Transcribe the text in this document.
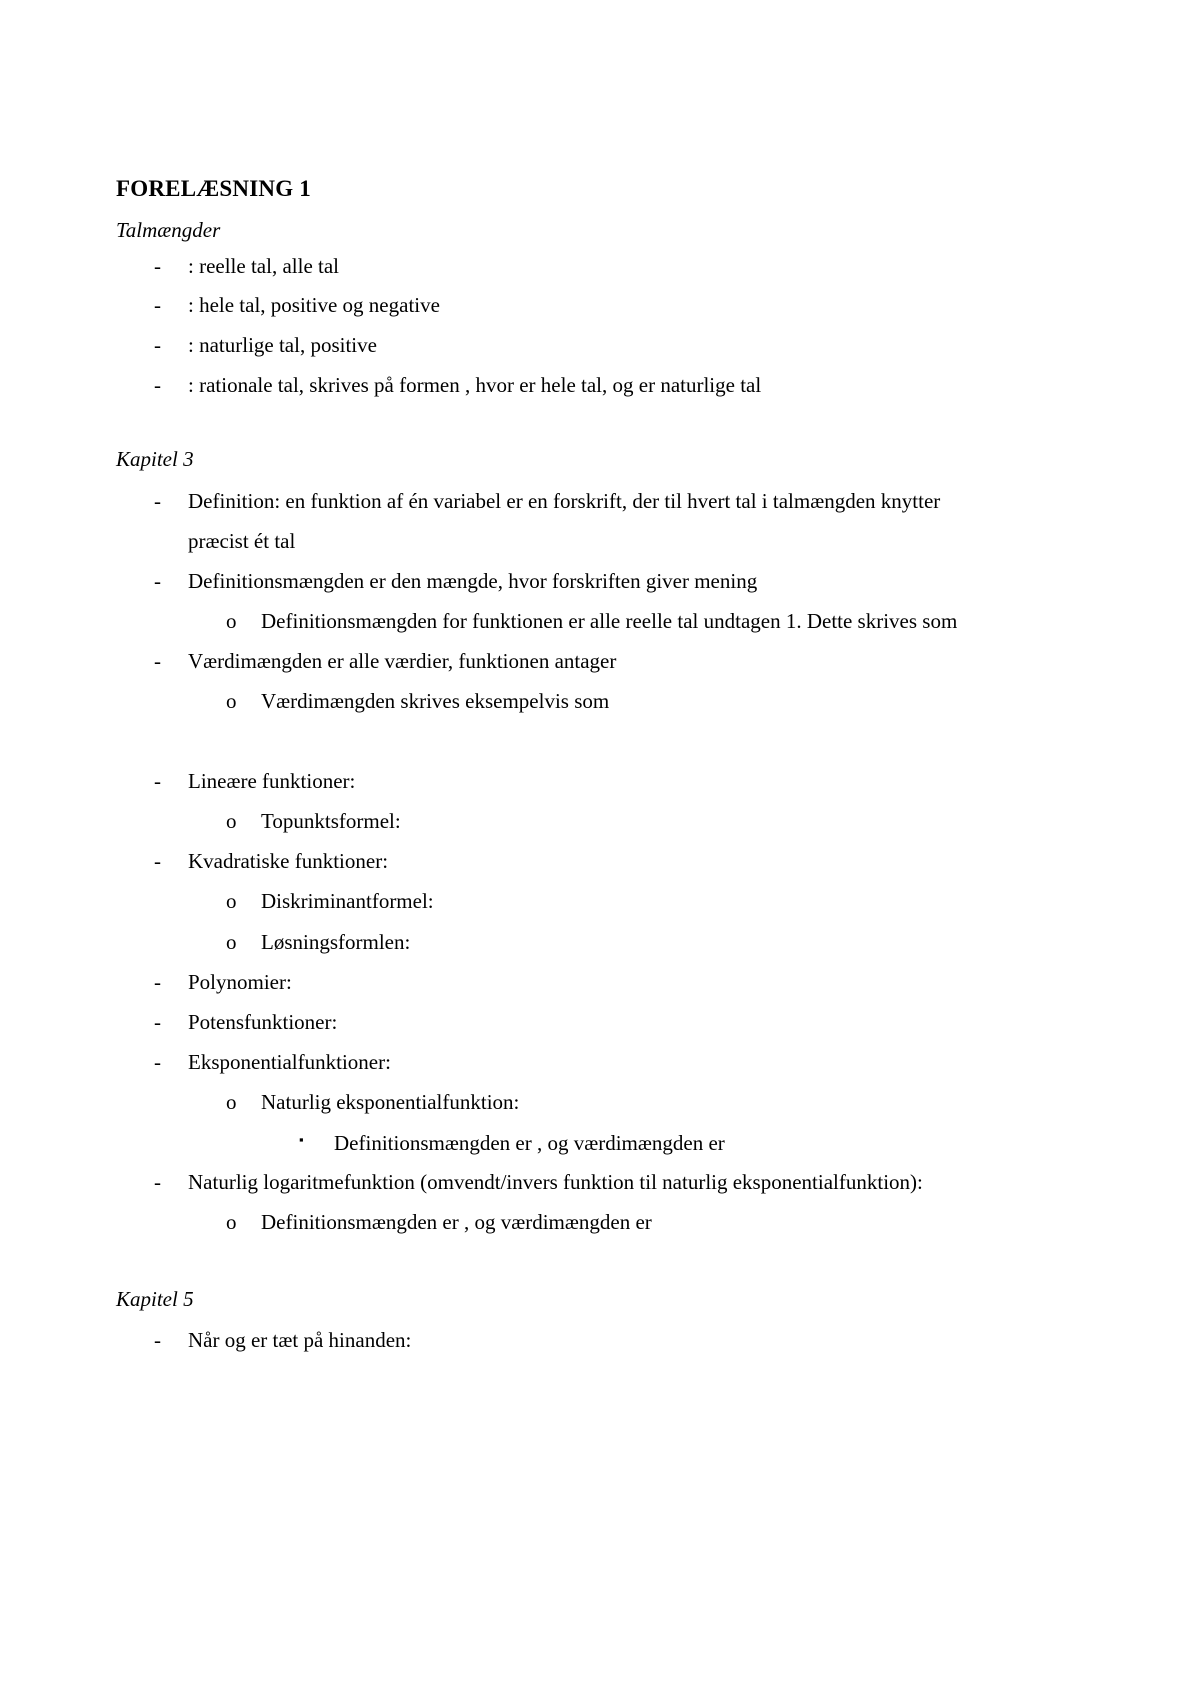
FORELÆSNING 1
Talmængder
- : reelle tal, alle tal
- : hele tal, positive og negative
- : naturlige tal, positive
- : rationale tal, skrives på formen , hvor er hele tal, og er naturlige tal
Kapitel 3
- Definition: en funktion af én variabel er en forskrift, der til hvert tal i talmængden knytter
præcist ét tal
- Definitionsmængden er den mængde, hvor forskriften giver mening
o Definitionsmængden for funktionen er alle reelle tal undtagen 1. Dette skrives som
- Værdimængden er alle værdier, funktionen antager
o Værdimængden skrives eksempelvis som
- Lineære funktioner:
o Topunktsformel:
- Kvadratiske funktioner:
o Diskriminantformel:
o Løsningsformlen:
- Polynomier:
- Potensfunktioner:
- Eksponentialfunktioner:
o Naturlig eksponentialfunktion:
▪ Definitionsmængden er , og værdimængden er
- Naturlig logaritmefunktion (omvendt/invers funktion til naturlig eksponentialfunktion):
o Definitionsmængden er , og værdimængden er
Kapitel 5
- Når og er tæt på hinanden:
